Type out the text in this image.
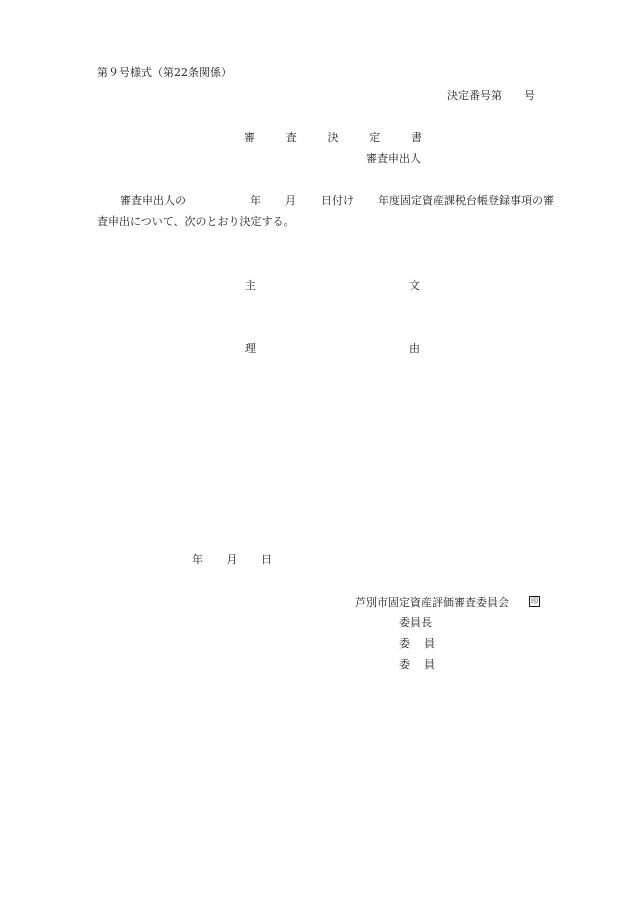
第９号様式（第22条関係）
決定番号第　　号
審	査	決	定	書
審査申出人
審査申出人の	年	月	日付け	年度固定資産課税台帳登録事項の審
査申出について、次のとおり決定する。
主	文
理	由
年 月 日
芦別市固定資産評価審査委員会	印
委員長
委 員
委 員
